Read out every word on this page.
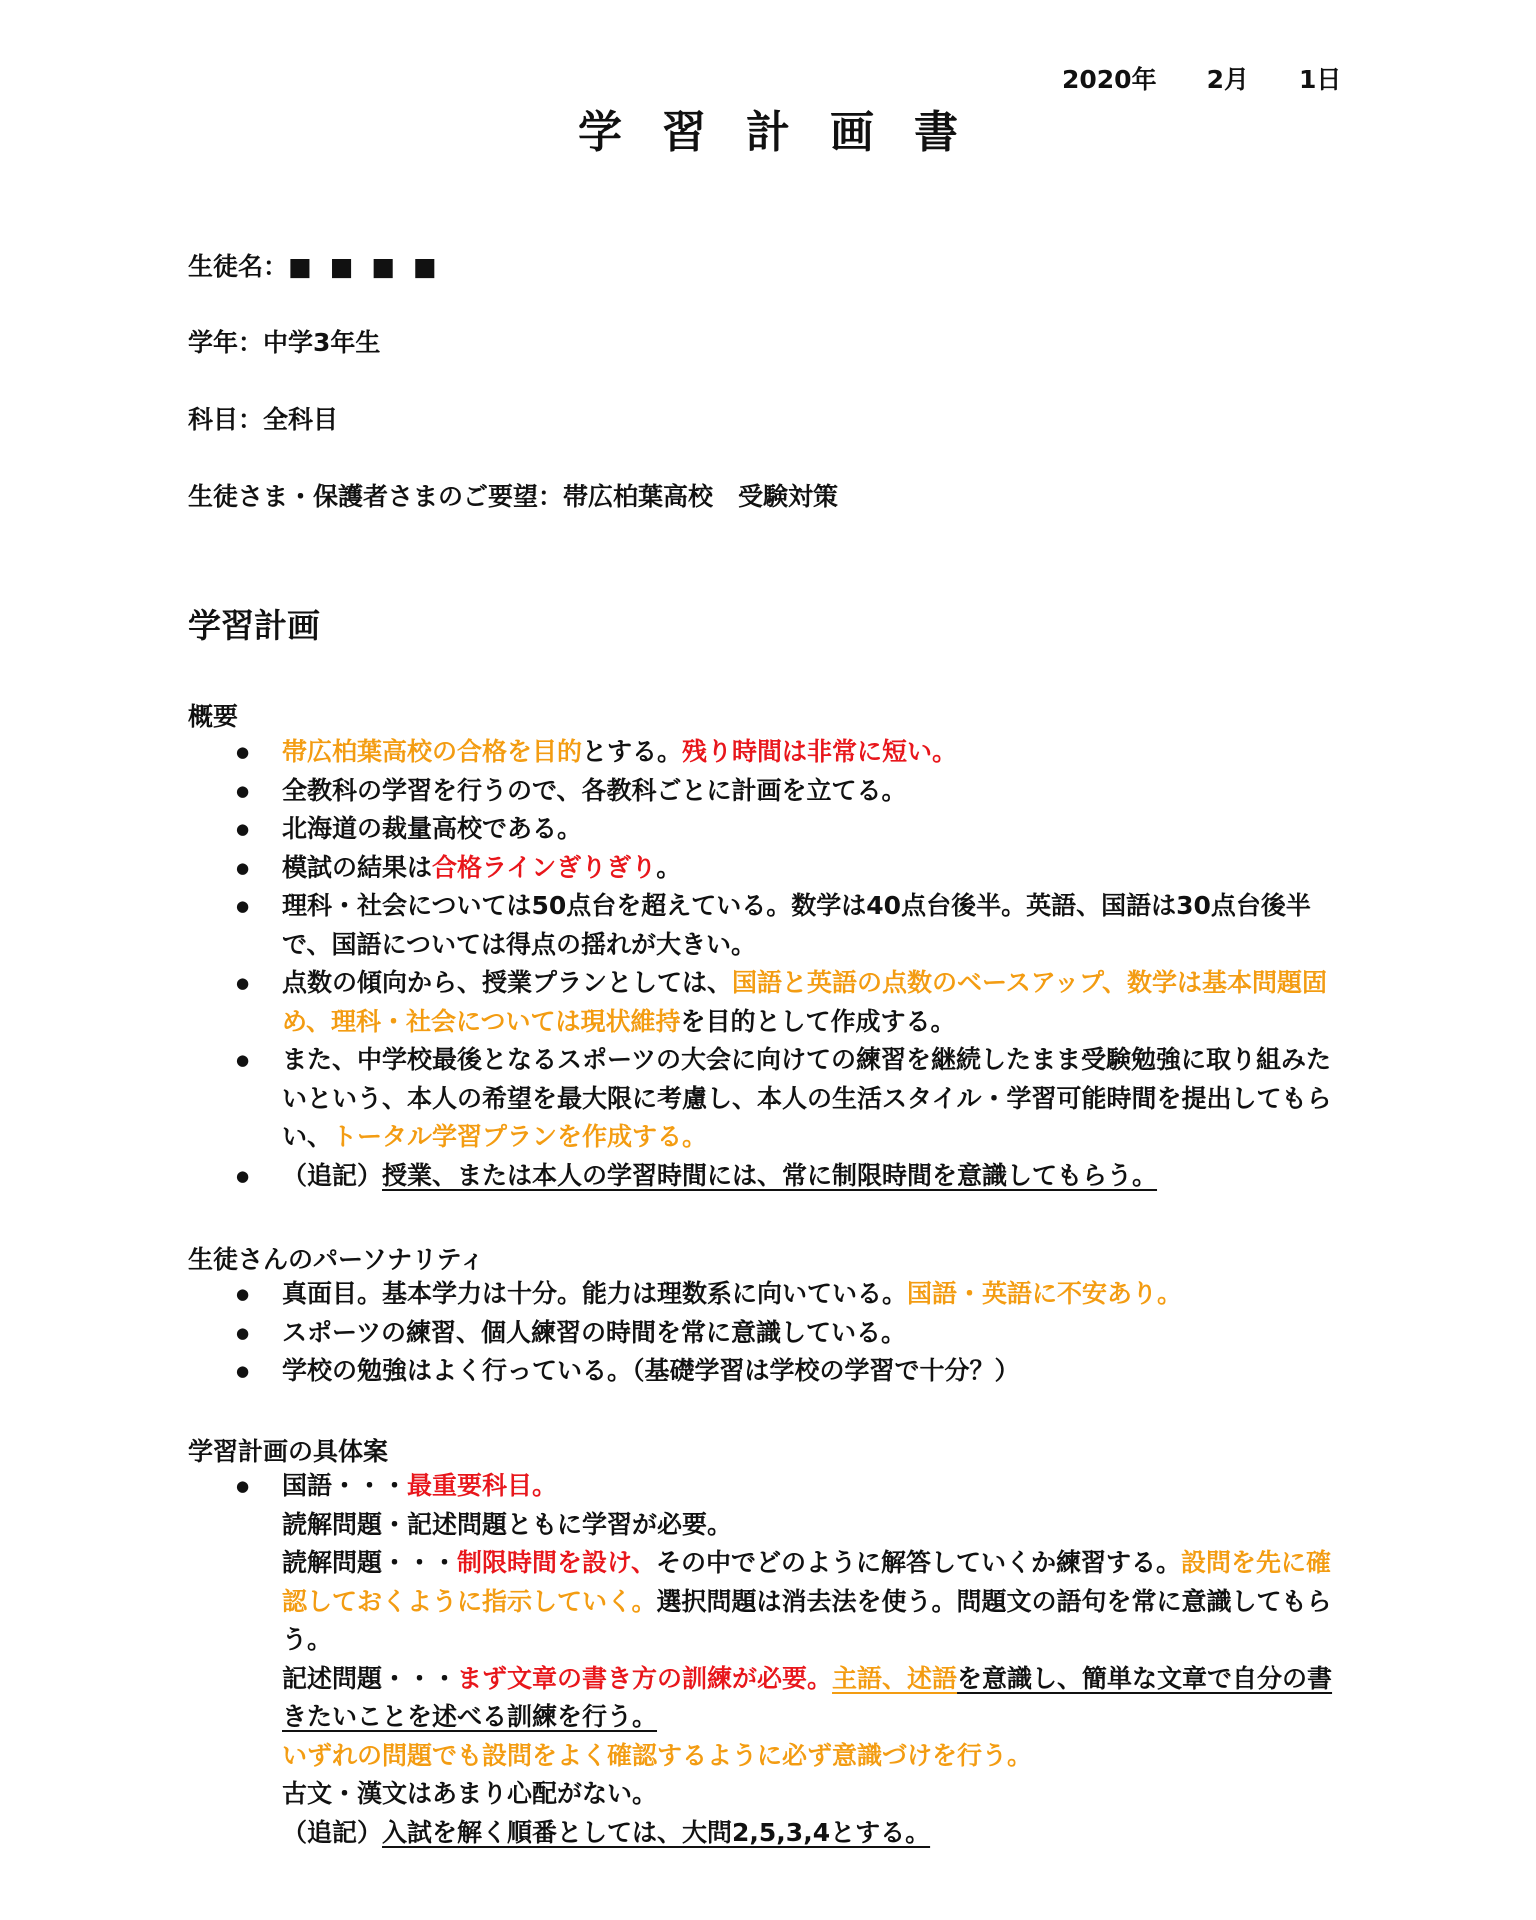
2020年　　2月　　1日
学習計画書
生徒名：■■■■
学年：中学3年生
科目：全科目
生徒さま・保護者さまのご要望：帯広柏葉高校　受験対策
学習計画
概要
● 帯広柏葉高校の合格を目的とする。残り時間は非常に短い。
● 全教科の学習を行うので、各教科ごとに計画を立てる。
● 北海道の裁量高校である。
● 模試の結果は合格ラインぎりぎり。
● 理科・社会については50点台を超えている。数学は40点台後半。英語、国語は30点台後半で、国語については得点の揺れが大きい。
● 点数の傾向から、授業プランとしては、国語と英語の点数のベースアップ、数学は基本問題固め、理科・社会については現状維持を目的として作成する。
● また、中学校最後となるスポーツの大会に向けての練習を継続したまま受験勉強に取り組みたいという、本人の希望を最大限に考慮し、本人の生活スタイル・学習可能時間を提出してもらい、トータル学習プランを作成する。
● （追記）授業、または本人の学習時間には、常に制限時間を意識してもらう。
生徒さんのパーソナリティ
● 真面目。基本学力は十分。能力は理数系に向いている。国語・英語に不安あり。
● スポーツの練習、個人練習の時間を常に意識している。
● 学校の勉強はよく行っている。（基礎学習は学校の学習で十分？）
学習計画の具体案
● 国語・・・最重要科目。
読解問題・記述問題ともに学習が必要。
読解問題・・・制限時間を設け、その中でどのように解答していくか練習する。設問を先に確認しておくように指示していく。選択問題は消去法を使う。問題文の語句を常に意識してもらう。
記述問題・・・まず文章の書き方の訓練が必要。主語、述語を意識し、簡単な文章で自分の書きたいことを述べる訓練を行う。
いずれの問題でも設問をよく確認するように必ず意識づけを行う。
古文・漢文はあまり心配がない。
（追記）入試を解く順番としては、大問2,5,3,4とする。
